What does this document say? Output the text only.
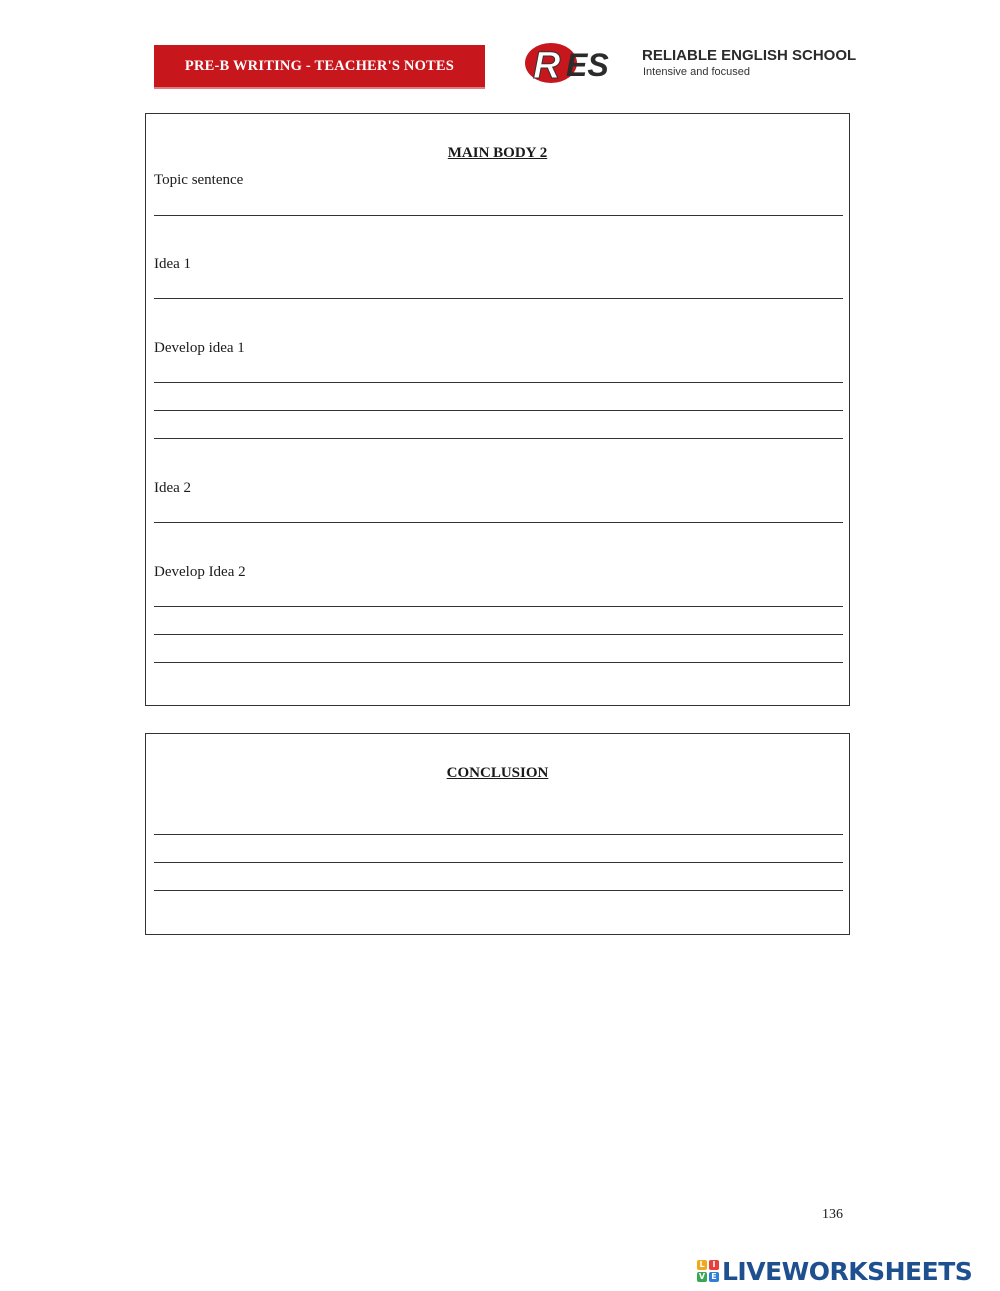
PRE-B WRITING - TEACHER'S NOTES R ES RELIABLE ENGLISH SCHOOL
Intensive and focused
MAIN BODY 2
Topic sentence
Idea 1
Develop idea 1
Idea 2
Develop Idea 2
CONCLUSION
136
L I
V E LIVEWORKSHEETS
